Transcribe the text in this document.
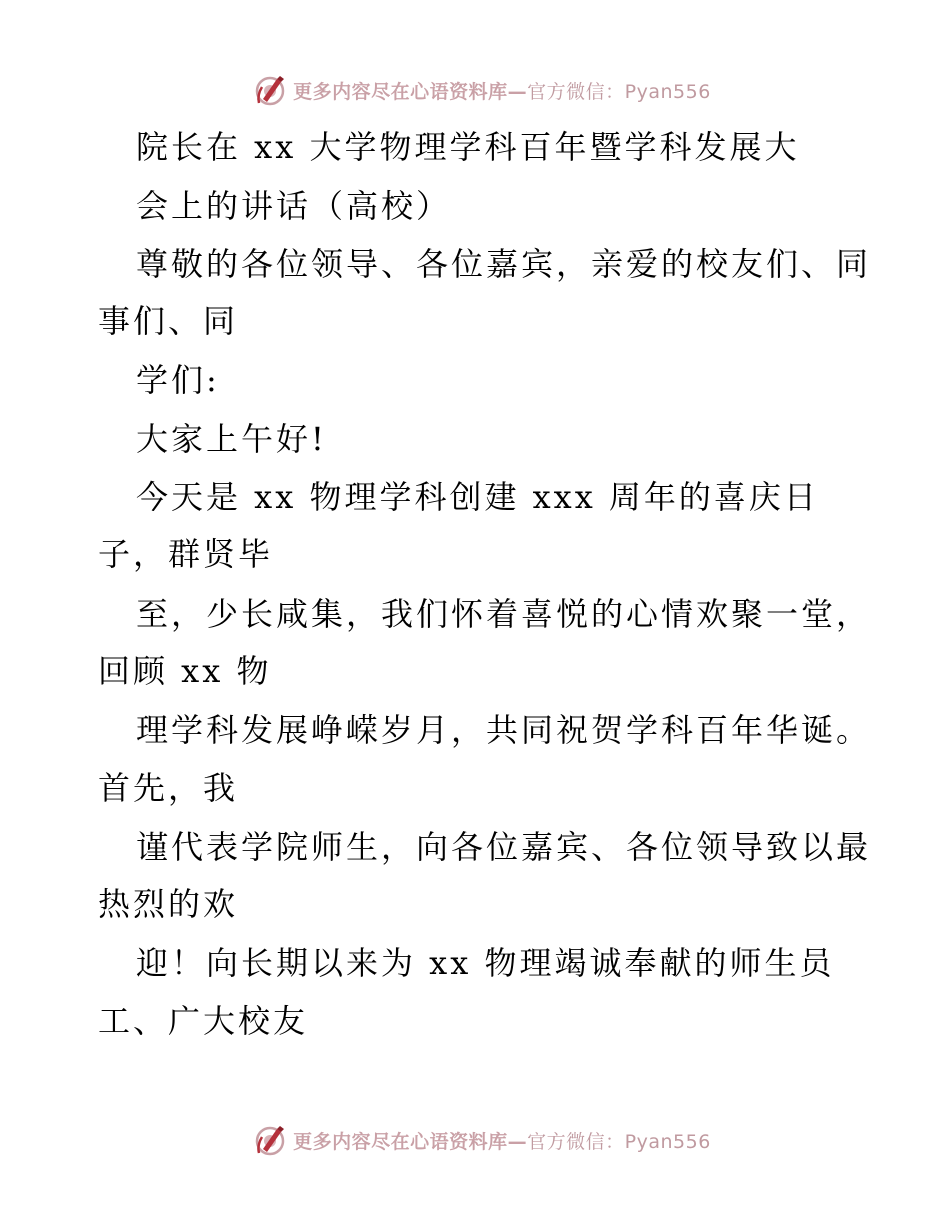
更多内容尽在心语资料库—官方微信：Pyan556
院长在 xx 大学物理学科百年暨学科发展大
会上的讲话（高校）
尊敬的各位领导、各位嘉宾，亲爱的校友们、同
事们、同
学们:
大家上午好!
今天是 xx 物理学科创建 xxx 周年的喜庆日
子，群贤毕
至，少长咸集，我们怀着喜悦的心情欢聚一堂，
回顾 xx 物
理学科发展峥嵘岁月，共同祝贺学科百年华诞。
首先，我
谨代表学院师生，向各位嘉宾、各位领导致以最
热烈的欢
迎！向长期以来为 xx 物理竭诚奉献的师生员
工、广大校友
更多内容尽在心语资料库—官方微信：Pyan556
